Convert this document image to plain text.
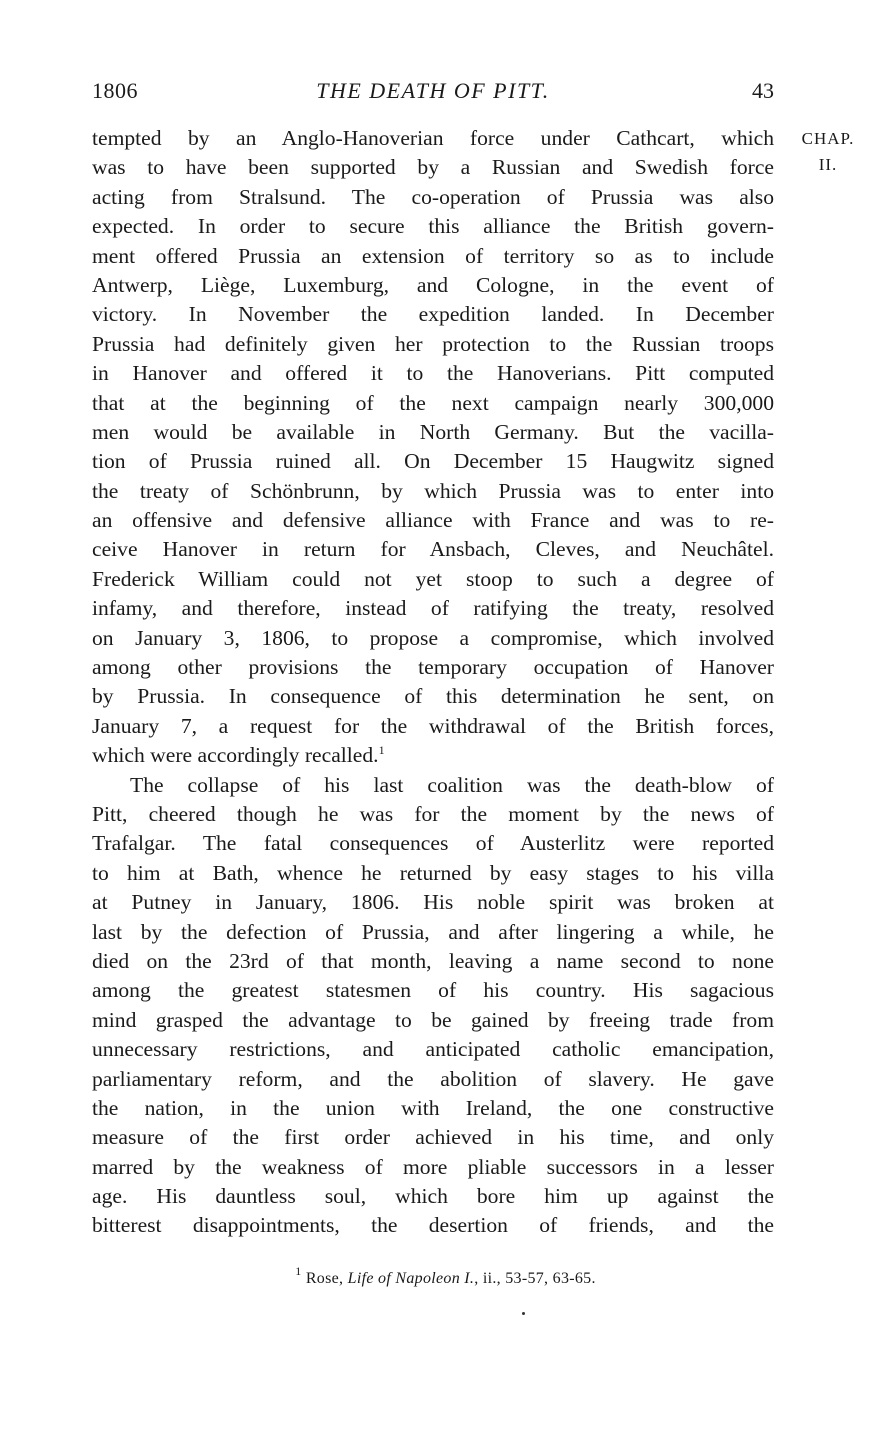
1806	THE DEATH OF PITT.	43
CHAP.
II.
tempted by an Anglo-Hanoverian force under Cathcart, which
was to have been supported by a Russian and Swedish force
acting from Stralsund. The co-operation of Prussia was also
expected. In order to secure this alliance the British govern-
ment offered Prussia an extension of territory so as to include
Antwerp, Liège, Luxemburg, and Cologne, in the event of
victory. In November the expedition landed. In December
Prussia had definitely given her protection to the Russian troops
in Hanover and offered it to the Hanoverians. Pitt computed
that at the beginning of the next campaign nearly 300,000
men would be available in North Germany. But the vacilla-
tion of Prussia ruined all. On December 15 Haugwitz signed
the treaty of Schönbrunn, by which Prussia was to enter into
an offensive and defensive alliance with France and was to re-
ceive Hanover in return for Ansbach, Cleves, and Neuchâtel.
Frederick William could not yet stoop to such a degree of
infamy, and therefore, instead of ratifying the treaty, resolved
on January 3, 1806, to propose a compromise, which involved
among other provisions the temporary occupation of Hanover
by Prussia. In consequence of this determination he sent, on
January 7, a request for the withdrawal of the British forces,
which were accordingly recalled.$^1$
The collapse of his last coalition was the death-blow of
Pitt, cheered though he was for the moment by the news of
Trafalgar. The fatal consequences of Austerlitz were reported
to him at Bath, whence he returned by easy stages to his villa
at Putney in January, 1806. His noble spirit was broken at
last by the defection of Prussia, and after lingering a while, he
died on the 23rd of that month, leaving a name second to none
among the greatest statesmen of his country. His sagacious
mind grasped the advantage to be gained by freeing trade from
unnecessary restrictions, and anticipated catholic emancipation,
parliamentary reform, and the abolition of slavery. He gave
the nation, in the union with Ireland, the one constructive
measure of the first order achieved in his time, and only
marred by the weakness of more pliable successors in a lesser
age. His dauntless soul, which bore him up against the
bitterest disappointments, the desertion of friends, and the
$^1$ Rose, Life of Napoleon I., ii., 53-57, 63-65.
